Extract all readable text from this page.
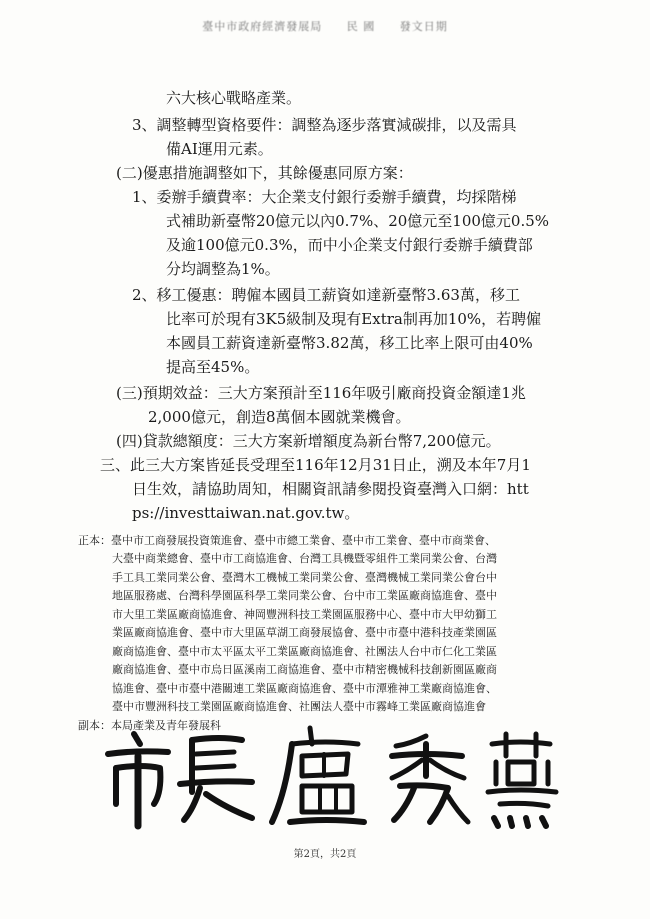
臺中市政府經濟發展局 民 國 發文日期
六大核心戰略產業。
3、調整轉型資格要件：調整為逐步落實減碳排，以及需具
備AI運用元素。
(二)優惠措施調整如下，其餘優惠同原方案：
1、委辦手續費率：大企業支付銀行委辦手續費，均採階梯
式補助新臺幣20億元以內0.7%、20億元至100億元0.5%
及逾100億元0.3%，而中小企業支付銀行委辦手續費部
分均調整為1%。
2、移工優惠：聘僱本國員工薪資如達新臺幣3.63萬，移工
比率可於現有3K5級制及現有Extra制再加10%，若聘僱
本國員工薪資達新臺幣3.82萬，移工比率上限可由40%
提高至45%。
(三)預期效益：三大方案預計至116年吸引廠商投資金額達1兆
2,000億元，創造8萬個本國就業機會。
(四)貸款總額度：三大方案新增額度為新台幣7,200億元。
三、此三大方案皆延長受理至116年12月31日止，溯及本年7月1
日生效，請協助周知，相關資訊請參閱投資臺灣入口網：htt
ps://investtaiwan.nat.gov.tw。
正本：臺中市工商發展投資策進會、臺中市總工業會、臺中市工業會、臺中市商業會、
大臺中商業總會、臺中市工商協進會、台灣工具機暨零組件工業同業公會、台灣
手工具工業同業公會、臺灣木工機械工業同業公會、臺灣機械工業同業公會台中
地區服務處、台灣科學園區科學工業同業公會、台中市工業區廠商協進會、臺中
市大里工業區廠商協進會、神岡豐洲科技工業園區服務中心、臺中市大甲幼獅工
業區廠商協進會、臺中市大里區草湖工商發展協會、臺中市臺中港科技產業園區
廠商協進會、臺中市太平區太平工業區廠商協進會、社團法人台中市仁化工業區
廠商協進會、臺中市烏日區溪南工商協進會、臺中市精密機械科技創新園區廠商
協進會、臺中市臺中港關連工業區廠商協進會、臺中市潭雅神工業廠商協進會、
臺中市豐洲科技工業園區廠商協進會、社團法人臺中市霧峰工業區廠商協進會
副本：本局產業及青年發展科
第2頁，共2頁
